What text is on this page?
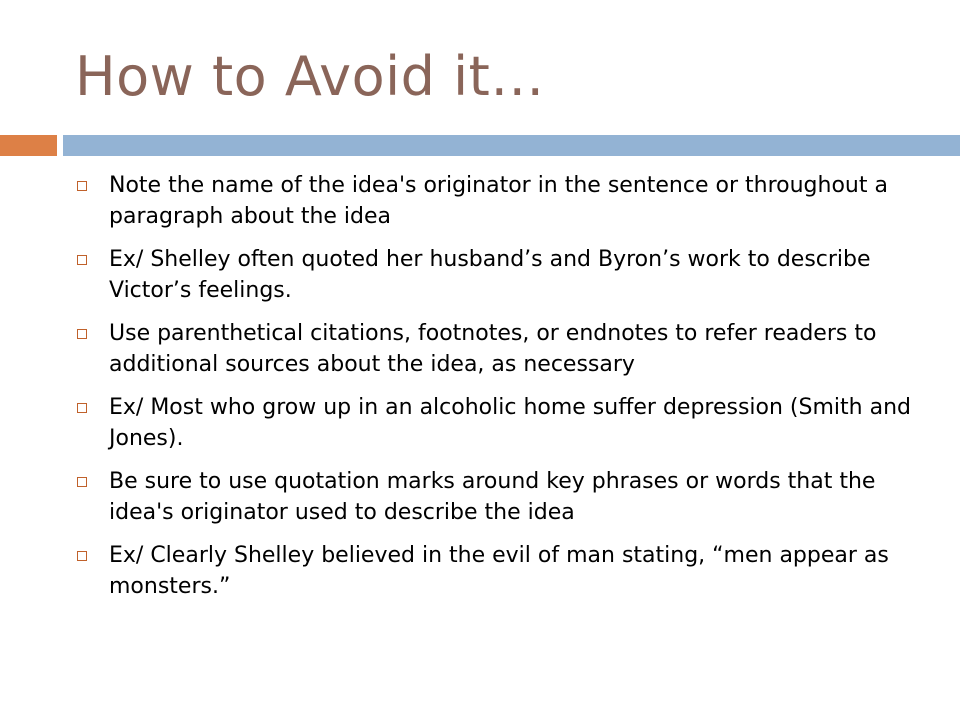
How to Avoid it…
Note the name of the idea's originator in the sentence or throughout a paragraph about the idea
Ex/ Shelley often quoted her husband’s and Byron’s work to describe Victor’s feelings.
Use parenthetical citations, footnotes, or endnotes to refer readers to additional sources about the idea, as necessary
Ex/ Most who grow up in an alcoholic home suffer depression (Smith and Jones).
Be sure to use quotation marks around key phrases or words that the idea's originator used to describe the idea
Ex/ Clearly Shelley believed in the evil of man stating, “men appear as monsters.”
